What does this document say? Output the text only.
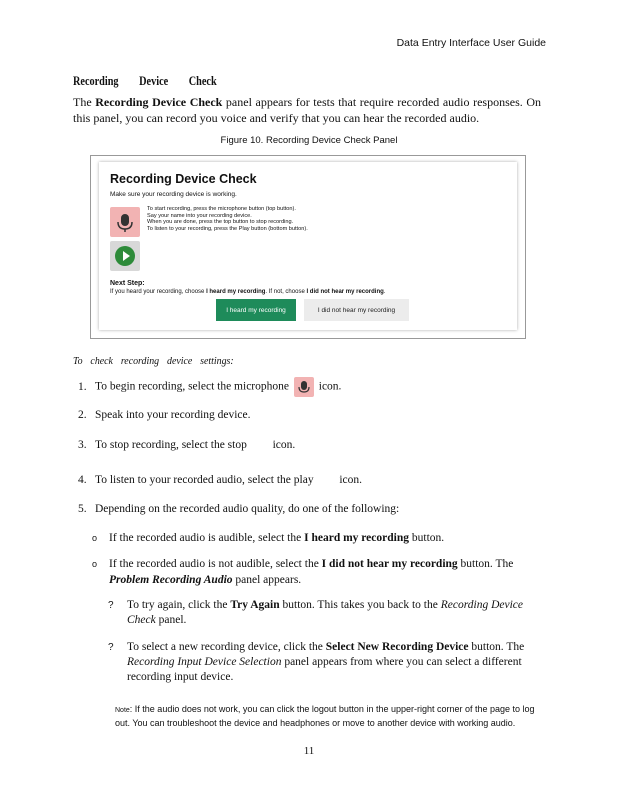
Data Entry Interface User Guide
Recording Device Check
The Recording Device Check panel appears for tests that require recorded audio responses. On this panel, you can record you voice and verify that you can hear the recorded audio.
Figure 10. Recording Device Check Panel
Recording Device Check
Make sure your recording device is working.
To start recording, press the microphone button (top button).
Say your name into your recording device.
When you are done, press the top button to stop recording.
To listen to your recording, press the Play button (bottom button).
Next Step:
If you heard your recording, choose I heard my recording. If not, choose I did not hear my recording.
I heard my recording	I did not hear my recording
To check recording device settings:
1. To begin recording, select the microphone  icon.
2. Speak into your recording device.
3. To stop recording, select the stop  icon.
4. To listen to your recorded audio, select the play  icon.
5. Depending on the recorded audio quality, do one of the following:
o If the recorded audio is audible, select the I heard my recording button.
o If the recorded audio is not audible, select the I did not hear my recording button. The Problem Recording Audio panel appears.
? To try again, click the Try Again button. This takes you back to the Recording Device Check panel.
? To select a new recording device, click the Select New Recording Device button. The Recording Input Device Selection panel appears from where you can select a different recording input device.
Note: If the audio does not work, you can click the logout button in the upper-right corner of the page to log out. You can troubleshoot the device and headphones or move to another device with working audio.
11
